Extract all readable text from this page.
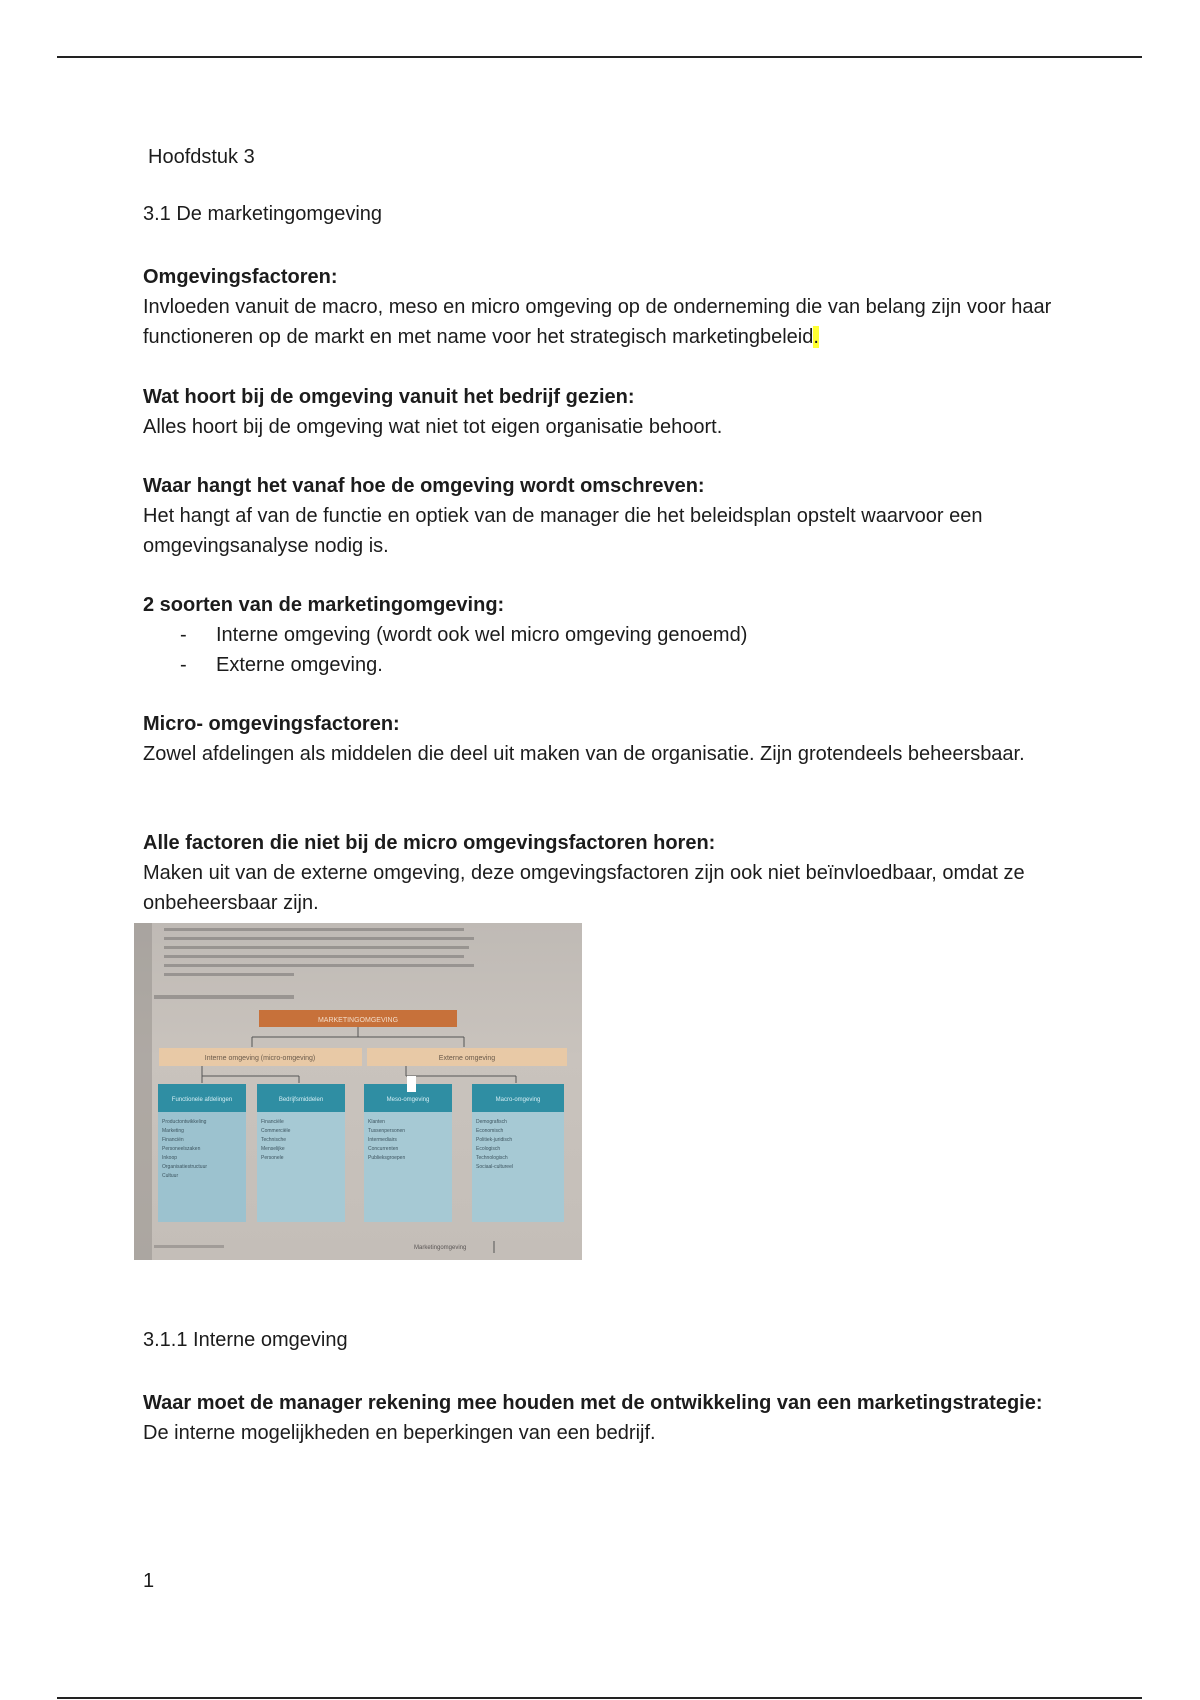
Hoofdstuk 3
3.1 De marketingomgeving
Omgevingsfactoren:
Invloeden vanuit de macro, meso en micro omgeving op de onderneming die van belang zijn voor haar functioneren op de markt en met name voor het strategisch marketingbeleid.
Wat hoort bij de omgeving vanuit het bedrijf gezien:
Alles hoort bij de omgeving wat niet tot eigen organisatie behoort.
Waar hangt het vanaf hoe de omgeving wordt omschreven:
Het hangt af van de functie en optiek van de manager die het beleidsplan opstelt waarvoor een omgevingsanalyse nodig is.
2 soorten van de marketingomgeving:
- Interne omgeving (wordt ook wel micro omgeving genoemd)
- Externe omgeving.
Micro- omgevingsfactoren:
Zowel afdelingen als middelen die deel uit maken van de organisatie. Zijn grotendeels beheersbaar.
Alle factoren die niet bij de micro omgevingsfactoren horen:
Maken uit van de externe omgeving, deze omgevingsfactoren zijn ook niet beïnvloedbaar, omdat ze onbeheersbaar zijn.
MARKETINGOMGEVING
Interne omgeving (micro-omgeving)	Externe omgeving
Functionele afdelingen	Bedrijfsmiddelen	Meso-omgeving	Macro-omgeving
Productontwikkeling
Marketing
Financiën
Personeelszaken
Inkoop
Organisatiestructuur
Cultuur
Financiële
Commerciële
Technische
Menselijke
Personele
Klanten
Tussenpersonen
Intermediairs
Concurrenten
Publieksgroepen
Demografisch
Economisch
Politiek-juridisch
Ecologisch
Technologisch
Sociaal-cultureel
Marketingomgeving
3.1.1 Interne omgeving
Waar moet de manager rekening mee houden met de ontwikkeling van een marketingstrategie:
De interne mogelijkheden en beperkingen van een bedrijf.
1
